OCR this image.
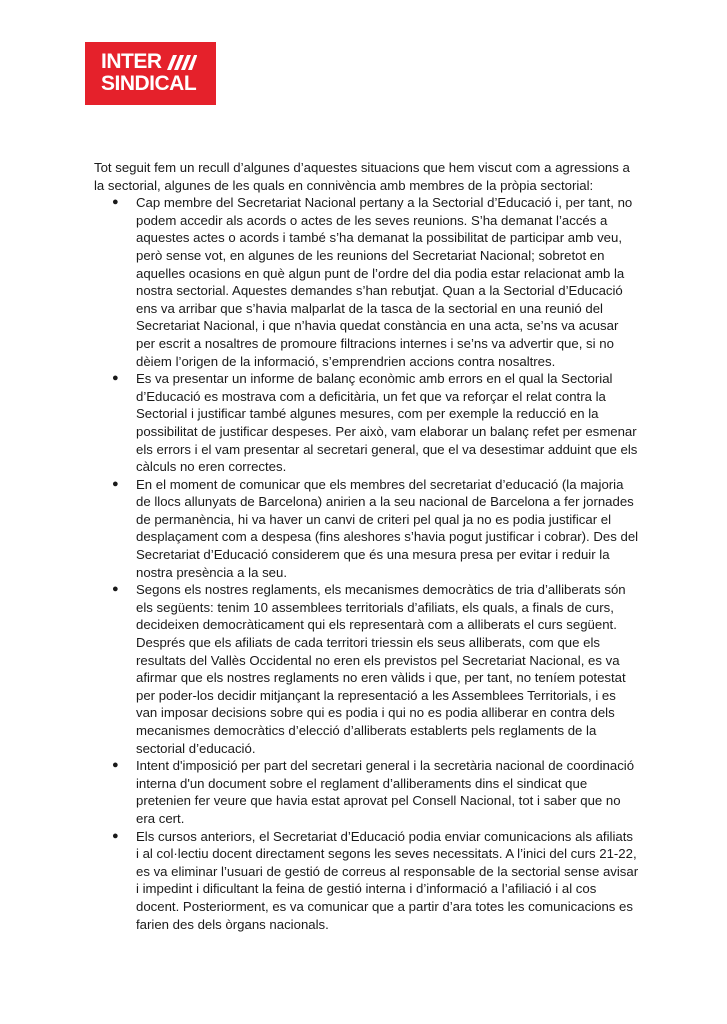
INTER
SINDICAL

Tot seguit fem un recull d’algunes d’aquestes situacions que hem viscut com a agressions a la sectorial, algunes de les quals en connivència amb membres de la pròpia sectorial:

● Cap membre del Secretariat Nacional pertany a la Sectorial d’Educació i, per tant, no podem accedir als acords o actes de les seves reunions. S’ha demanat l’accés a aquestes actes o acords i també s’ha demanat la possibilitat de participar amb veu, però sense vot, en algunes de les reunions del Secretariat Nacional; sobretot en aquelles ocasions en què algun punt de l’ordre del dia podia estar relacionat amb la nostra sectorial. Aquestes demandes s’han rebutjat. Quan a la Sectorial d’Educació ens va arribar que s’havia malparlat de la tasca de la sectorial en una reunió del Secretariat Nacional, i que n’havia quedat constància en una acta, se’ns va acusar per escrit a nosaltres de promoure filtracions internes i se’ns va advertir que, si no dèiem l’origen de la informació, s’emprendrien accions contra nosaltres.
● Es va presentar un informe de balanç econòmic amb errors en el qual la Sectorial d’Educació es mostrava com a deficitària, un fet que va reforçar el relat contra la Sectorial i justificar també algunes mesures, com per exemple la reducció en la possibilitat de justificar despeses. Per això, vam elaborar un balanç refet per esmenar els errors i el vam presentar al secretari general, que el va desestimar adduint que els càlculs no eren correctes.
● En el moment de comunicar que els membres del secretariat d’educació (la majoria de llocs allunyats de Barcelona) anirien a la seu nacional de Barcelona a fer jornades de permanència, hi va haver un canvi de criteri pel qual ja no es podia justificar el desplaçament com a despesa (fins aleshores s’havia pogut justificar i cobrar). Des del Secretariat d’Educació considerem que és una mesura presa per evitar i reduir la nostra presència a la seu.
● Segons els nostres reglaments, els mecanismes democràtics de tria d’alliberats són els següents: tenim 10 assemblees territorials d’afiliats, els quals, a finals de curs, decideixen democràticament qui els representarà com a alliberats el curs següent. Després que els afiliats de cada territori triessin els seus alliberats, com que els resultats del Vallès Occidental no eren els previstos pel Secretariat Nacional, es va afirmar que els nostres reglaments no eren vàlids i que, per tant, no teníem potestat per poder-los decidir mitjançant la representació a les Assemblees Territorials, i es van imposar decisions sobre qui es podia i qui no es podia alliberar en contra dels mecanismes democràtics d’elecció d’alliberats establerts pels reglaments de la sectorial d’educació.
● Intent d'imposició per part del secretari general i la secretària nacional de coordinació interna d'un document sobre el reglament d’alliberaments dins el sindicat que pretenien fer veure que havia estat aprovat pel Consell Nacional, tot i saber que no era cert.
● Els cursos anteriors, el Secretariat d’Educació podia enviar comunicacions als afiliats i al col·lectiu docent directament segons les seves necessitats. A l’inici del curs 21-22, es va eliminar l’usuari de gestió de correus al responsable de la sectorial sense avisar i impedint i dificultant la feina de gestió interna i d’informació a l’afiliació i al cos docent. Posteriorment, es va comunicar que a partir d’ara totes les comunicacions es farien des dels òrgans nacionals.
